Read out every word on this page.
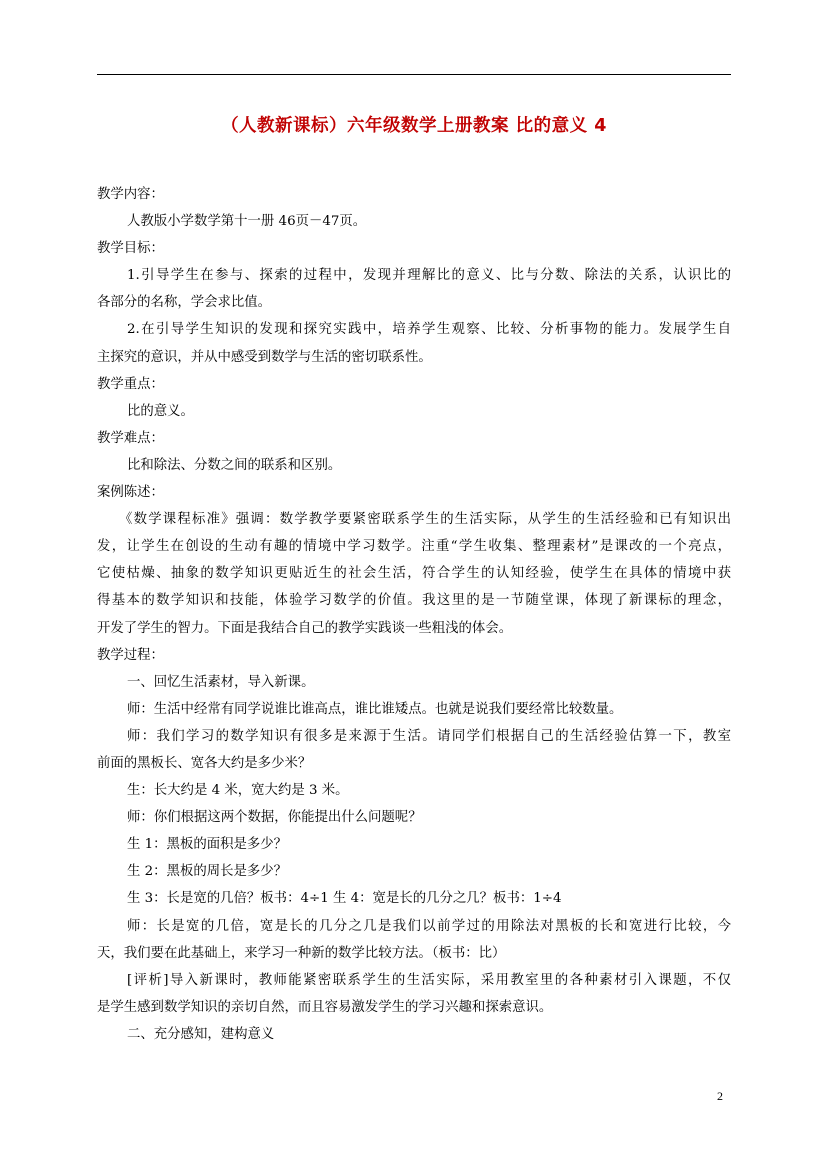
（人教新课标）六年级数学上册教案 比的意义 4
教学内容：
人教版小学数学第十一册 46页－47页。
教学目标：
1.引导学生在参与、探索的过程中，发现并理解比的意义、比与分数、除法的关系，认识比的
各部分的名称，学会求比值。
2.在引导学生知识的发现和探究实践中，培养学生观察、比较、分析事物的能力。发展学生自
主探究的意识，并从中感受到数学与生活的密切联系性。
教学重点：
比的意义。
教学难点：
比和除法、分数之间的联系和区别。
案例陈述：
《数学课程标准》强调：数学教学要紧密联系学生的生活实际，从学生的生活经验和已有知识出
发，让学生在创设的生动有趣的情境中学习数学。注重“学生收集、整理素材”是课改的一个亮点，
它使枯燥、抽象的数学知识更贴近生的社会生活，符合学生的认知经验，使学生在具体的情境中获
得基本的数学知识和技能，体验学习数学的价值。我这里的是一节随堂课，体现了新课标的理念，
开发了学生的智力。下面是我结合自己的教学实践谈一些粗浅的体会。
教学过程：
一、回忆生活素材，导入新课。
师：生活中经常有同学说谁比谁高点，谁比谁矮点。也就是说我们要经常比较数量。
师：我们学习的数学知识有很多是来源于生活。请同学们根据自己的生活经验估算一下，教室
前面的黑板长、宽各大约是多少米？
生：长大约是 4 米，宽大约是 3 米。
师：你们根据这两个数据，你能提出什么问题呢？
生 1：黑板的面积是多少？
生 2：黑板的周长是多少？
生 3：长是宽的几倍？板书：4÷1 生 4：宽是长的几分之几？板书：1÷4
师：长是宽的几倍，宽是长的几分之几是我们以前学过的用除法对黑板的长和宽进行比较，今
天，我们要在此基础上，来学习一种新的数学比较方法。（板书：比）
[评析]导入新课时，教师能紧密联系学生的生活实际，采用教室里的各种素材引入课题，不仅
是学生感到数学知识的亲切自然，而且容易激发学生的学习兴趣和探索意识。
二、充分感知，建构意义
2
